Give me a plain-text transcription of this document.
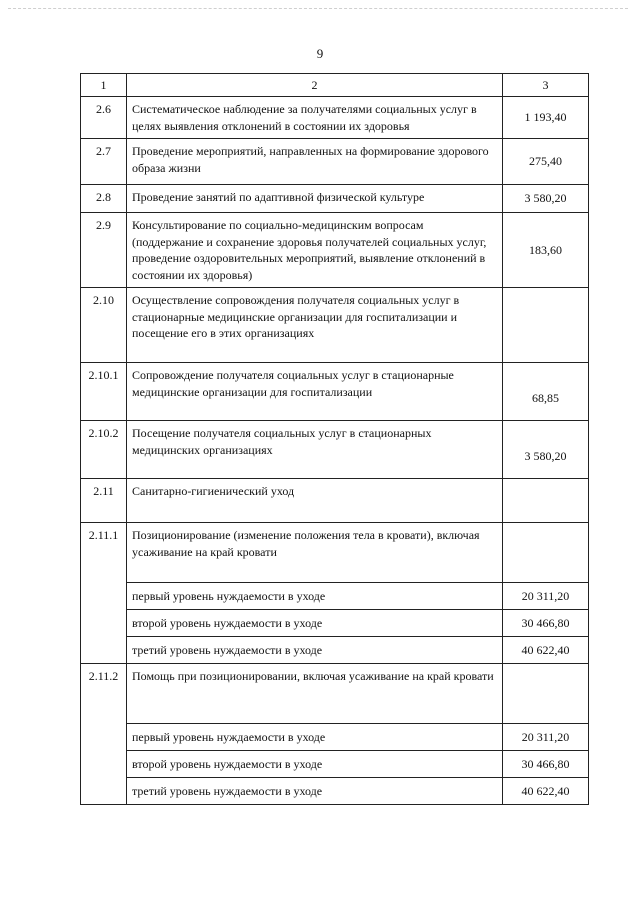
9
1	2	3
2.6	Систематическое наблюдение за получателями социальных услуг в целях выявления отклонений в состоянии их здоровья	1 193,40
2.7	Проведение мероприятий, направленных на формирование здорового образа жизни	275,40
2.8	Проведение занятий по адаптивной физической культуре	3 580,20
2.9	Консультирование по социально-медицинским вопросам (поддержание и сохранение здоровья получателей социальных услуг, проведение оздоровительных мероприятий, выявление отклонений в состоянии их здоровья)	183,60
2.10	Осуществление сопровождения получателя социальных услуг в стационарные медицинские организации для госпитализации и посещение его в этих организациях	
2.10.1	Сопровождение получателя социальных услуг в стационарные медицинские организации для госпитализации	68,85
2.10.2	Посещение получателя социальных услуг в стационарных медицинских организациях	3 580,20
2.11	Санитарно-гигиенический уход	
2.11.1	Позиционирование (изменение положения тела в кровати), включая усаживание на край кровати	
	первый уровень нуждаемости в уходе	20 311,20
	второй уровень нуждаемости в уходе	30 466,80
	третий уровень нуждаемости в уходе	40 622,40
2.11.2	Помощь при позиционировании, включая усаживание на край кровати	
	первый уровень нуждаемости в уходе	20 311,20
	второй уровень нуждаемости в уходе	30 466,80
	третий уровень нуждаемости в уходе	40 622,40
